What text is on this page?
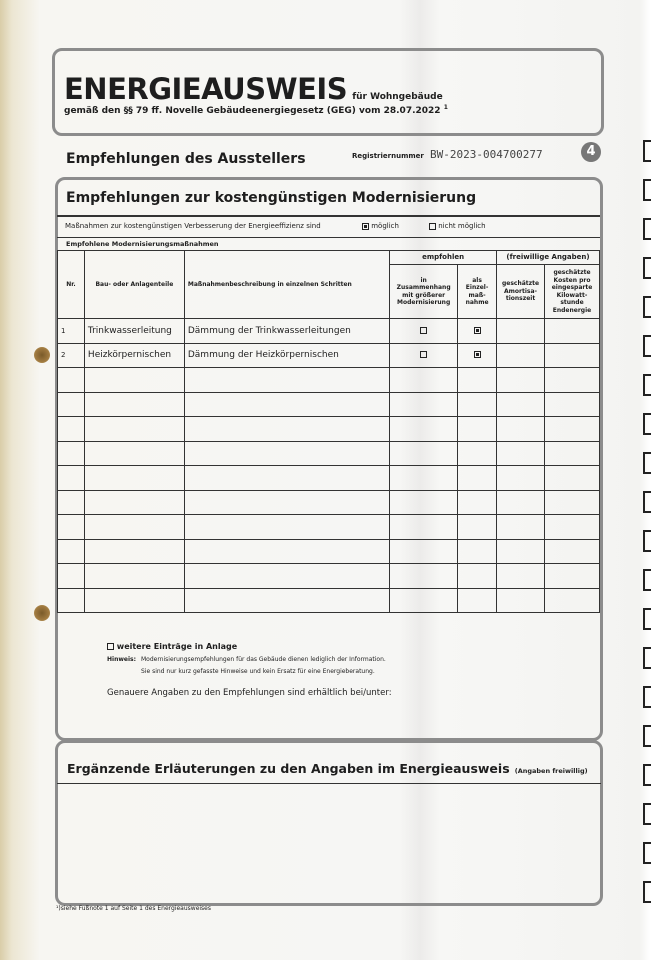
ENERGIEAUSWEIS für Wohngebäude
gemäß den §§ 79 ff. Novelle Gebäudeenergiegesetz (GEG) vom 28.07.2022 $^1$
Empfehlungen des Ausstellers	Registriernummer BW-2023-004700277	4
Empfehlungen zur kostengünstigen Modernisierung
Maßnahmen zur kostengünstigen Verbesserung der Energieeffizienz sind	möglich	nicht möglich
Empfohlene Modernisierungsmaßnahmen
Nr.	Bau- oder Anlagenteile	Maßnahmenbeschreibung in einzelnen Schritten	empfohlen		(freiwillige Angaben)	
			in Zusammenhang mit größerer Modernisierung	als Einzel-maß-nahme	geschätzte Amortisa-tionszeit	geschätzte Kosten pro eingesparte Kilowatt-stunde Endenergie
1	Trinkwasserleitung	Dämmung der Trinkwasserleitungen				
2	Heizkörpernischen	Dämmung der Heizkörpernischen				

weitere Einträge in Anlage
Hinweis: Modernisierungsempfehlungen für das Gebäude dienen lediglich der Information.
Sie sind nur kurz gefasste Hinweise und kein Ersatz für eine Energieberatung.
Genauere Angaben zu den Empfehlungen sind erhältlich bei/unter:
Ergänzende Erläuterungen zu den Angaben im Energieausweis (Angaben freiwillig)
¹)siehe Fußnote 1 auf Seite 1 des Energieausweises
